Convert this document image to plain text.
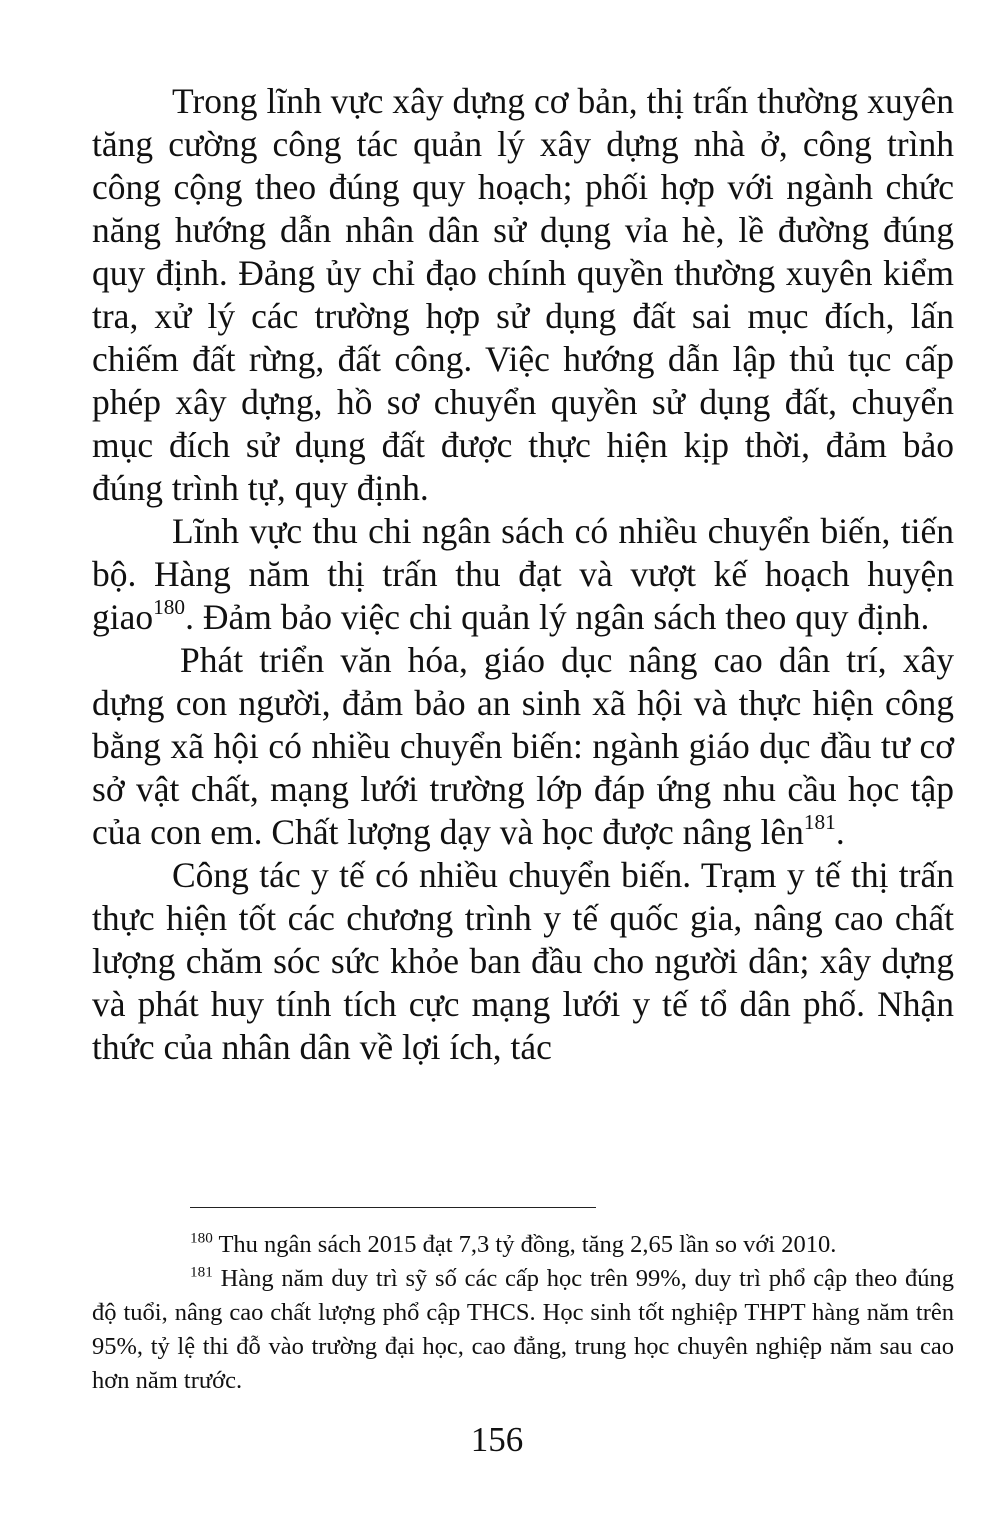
Trong lĩnh vực xây dựng cơ bản, thị trấn thường xuyên tăng cường công tác quản lý xây dựng nhà ở, công trình công cộng theo đúng quy hoạch; phối hợp với ngành chức năng hướng dẫn nhân dân sử dụng vỉa hè, lề đường đúng quy định. Đảng ủy chỉ đạo chính quyền thường xuyên kiểm tra, xử lý các trường hợp sử dụng đất sai mục đích, lấn chiếm đất rừng, đất công. Việc hướng dẫn lập thủ tục cấp phép xây dựng, hồ sơ chuyển quyền sử dụng đất, chuyển mục đích sử dụng đất được thực hiện kịp thời, đảm bảo đúng trình tự, quy định.

Lĩnh vực thu chi ngân sách có nhiều chuyển biến, tiến bộ. Hàng năm thị trấn thu đạt và vượt kế hoạch huyện giao$^{180}$. Đảm bảo việc chi quản lý ngân sách theo quy định.

Phát triển văn hóa, giáo dục nâng cao dân trí, xây dựng con người, đảm bảo an sinh xã hội và thực hiện công bằng xã hội có nhiều chuyển biến: ngành giáo dục đầu tư cơ sở vật chất, mạng lưới trường lớp đáp ứng nhu cầu học tập của con em. Chất lượng dạy và học được nâng lên$^{181}$.

Công tác y tế có nhiều chuyển biến. Trạm y tế thị trấn thực hiện tốt các chương trình y tế quốc gia, nâng cao chất lượng chăm sóc sức khỏe ban đầu cho người dân; xây dựng và phát huy tính tích cực mạng lưới y tế tổ dân phố. Nhận thức của nhân dân về lợi ích, tác

$^{180}$ Thu ngân sách 2015 đạt 7,3 tỷ đồng, tăng 2,65 lần so với 2010.

$^{181}$ Hàng năm duy trì sỹ số các cấp học trên 99%, duy trì phổ cập theo đúng độ tuổi, nâng cao chất lượng phổ cập THCS. Học sinh tốt nghiệp THPT hàng năm trên 95%, tỷ lệ thi đỗ vào trường đại học, cao đẳng, trung học chuyên nghiệp năm sau cao hơn năm trước.

156
